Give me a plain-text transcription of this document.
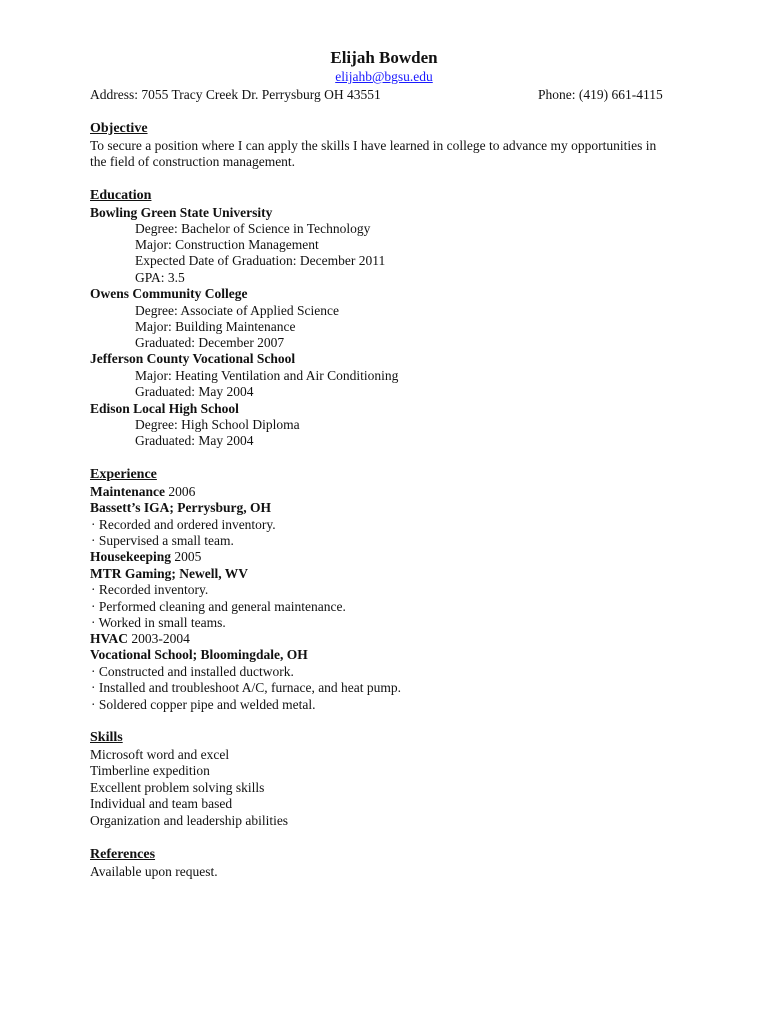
Elijah Bowden
elijahb@bgsu.edu
Address: 7055 Tracy Creek Dr. Perrysburg OH 43551	Phone: (419) 661-4115
Objective
To secure a position where I can apply the skills I have learned in college to advance my opportunities in
the field of construction management.
Education
Bowling Green State University
Degree: Bachelor of Science in Technology
Major: Construction Management
Expected Date of Graduation: December 2011
GPA: 3.5
Owens Community College
Degree: Associate of Applied Science
Major: Building Maintenance
Graduated: December 2007
Jefferson County Vocational School
Major: Heating Ventilation and Air Conditioning
Graduated: May 2004
Edison Local High School
Degree: High School Diploma
Graduated: May 2004
Experience
Maintenance 2006
Bassett’s IGA; Perrysburg, OH
· Recorded and ordered inventory.
· Supervised a small team.
Housekeeping 2005
MTR Gaming; Newell, WV
· Recorded inventory.
· Performed cleaning and general maintenance.
· Worked in small teams.
HVAC 2003-2004
Vocational School; Bloomingdale, OH
· Constructed and installed ductwork.
· Installed and troubleshoot A/C, furnace, and heat pump.
· Soldered copper pipe and welded metal.
Skills
Microsoft word and excel
Timberline expedition
Excellent problem solving skills
Individual and team based
Organization and leadership abilities
References
Available upon request.
